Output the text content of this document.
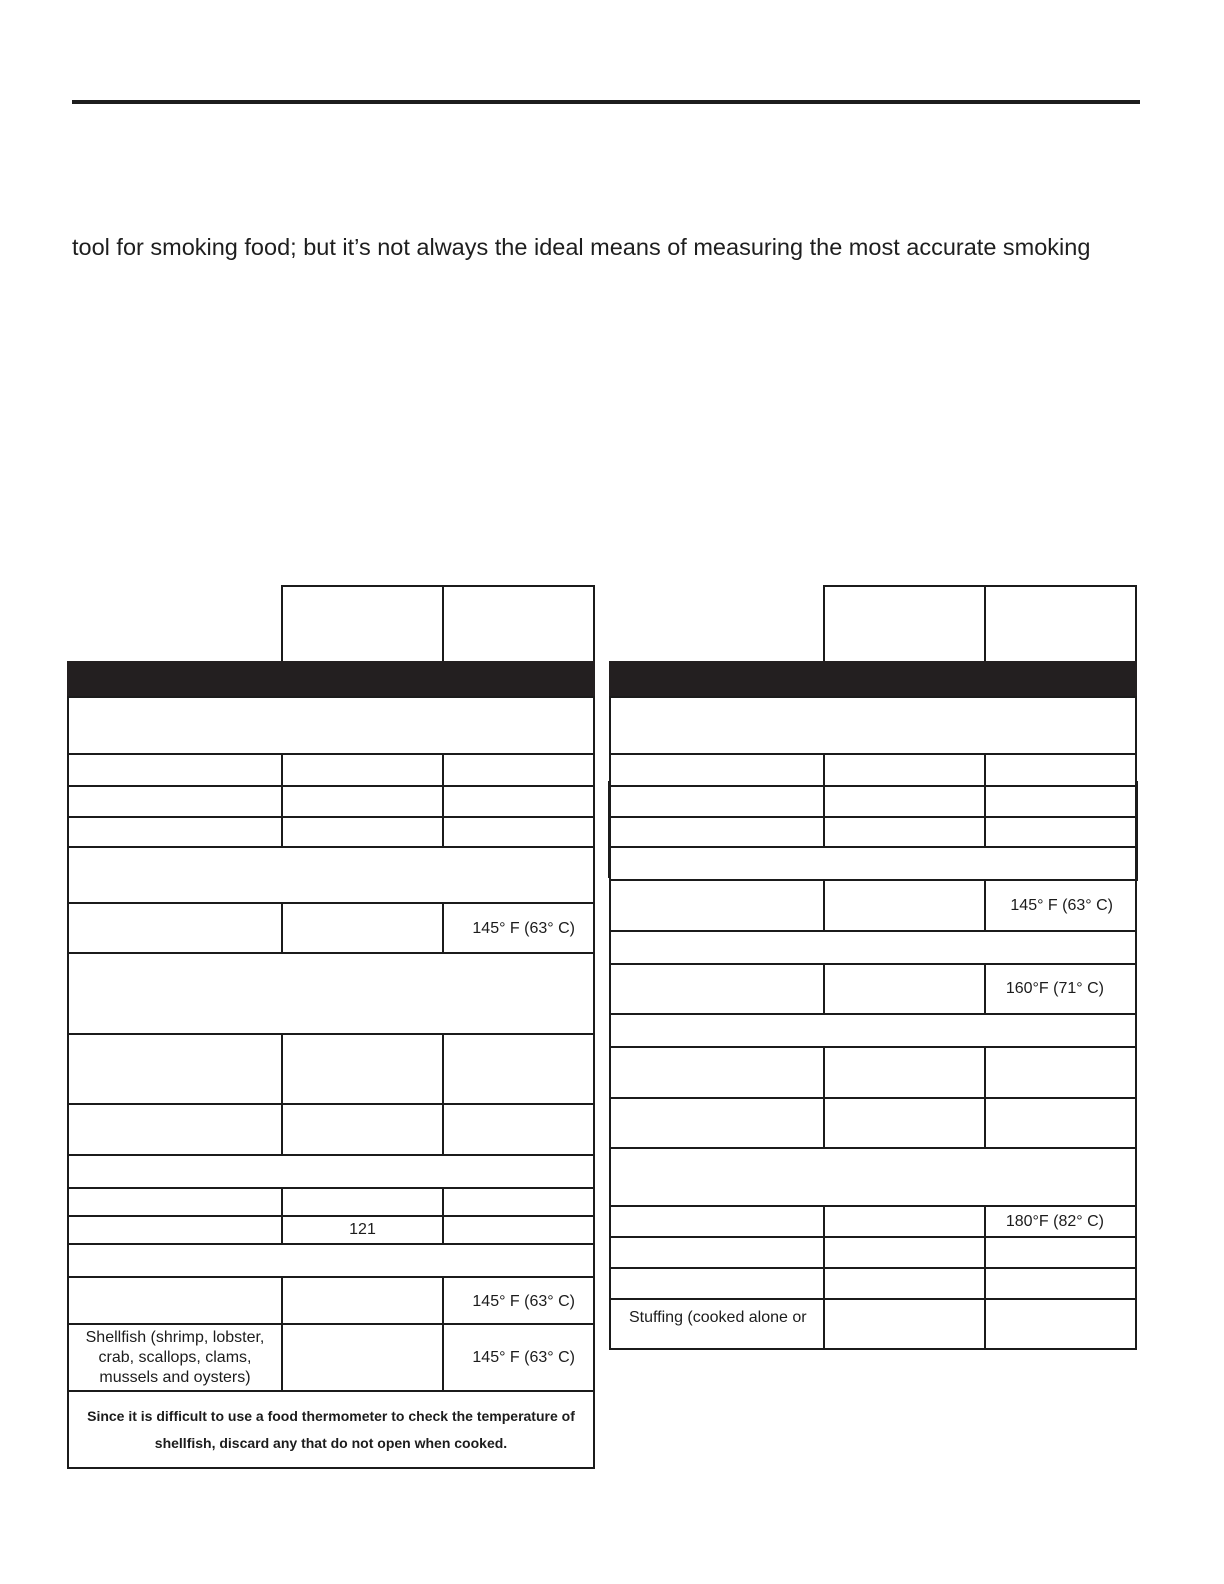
tool for smoking food; but it’s not always the ideal means of measuring the most accurate smoking

145° F (63° C)
121
145° F (63° C)
Shellfish (shrimp, lobster, crab, scallops, clams, mussels and oysters)
145° F (63° C)
Since it is difficult to use a food thermometer to check the temperature of shellfish, discard any that do not open when cooked.
145° F (63° C)
160°F (71° C)
180°F (82° C)
Stuffing (cooked alone or
